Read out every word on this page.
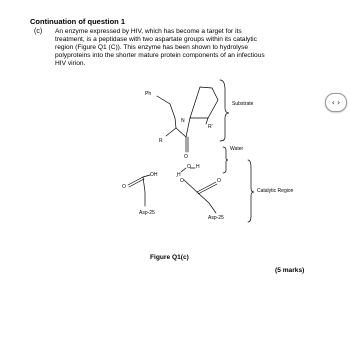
Continuation of question 1
(c) An enzyme expressed by HIV, which has become a target for its
treatment, is a peptidase with two aspartate groups within its catalytic
region (Figure Q1 (C)). This enzyme has been shown to hydrolyse
polyproteins into the shorter mature protein components of an infectious
HIV virion.
Ph
R
N
R'
O
O H
H
OH
O
O
-
O
Asp-25
Asp-25
Substrate
Water
Catalytic Region
Figure Q1(c)
(5 marks)
‹ ›
